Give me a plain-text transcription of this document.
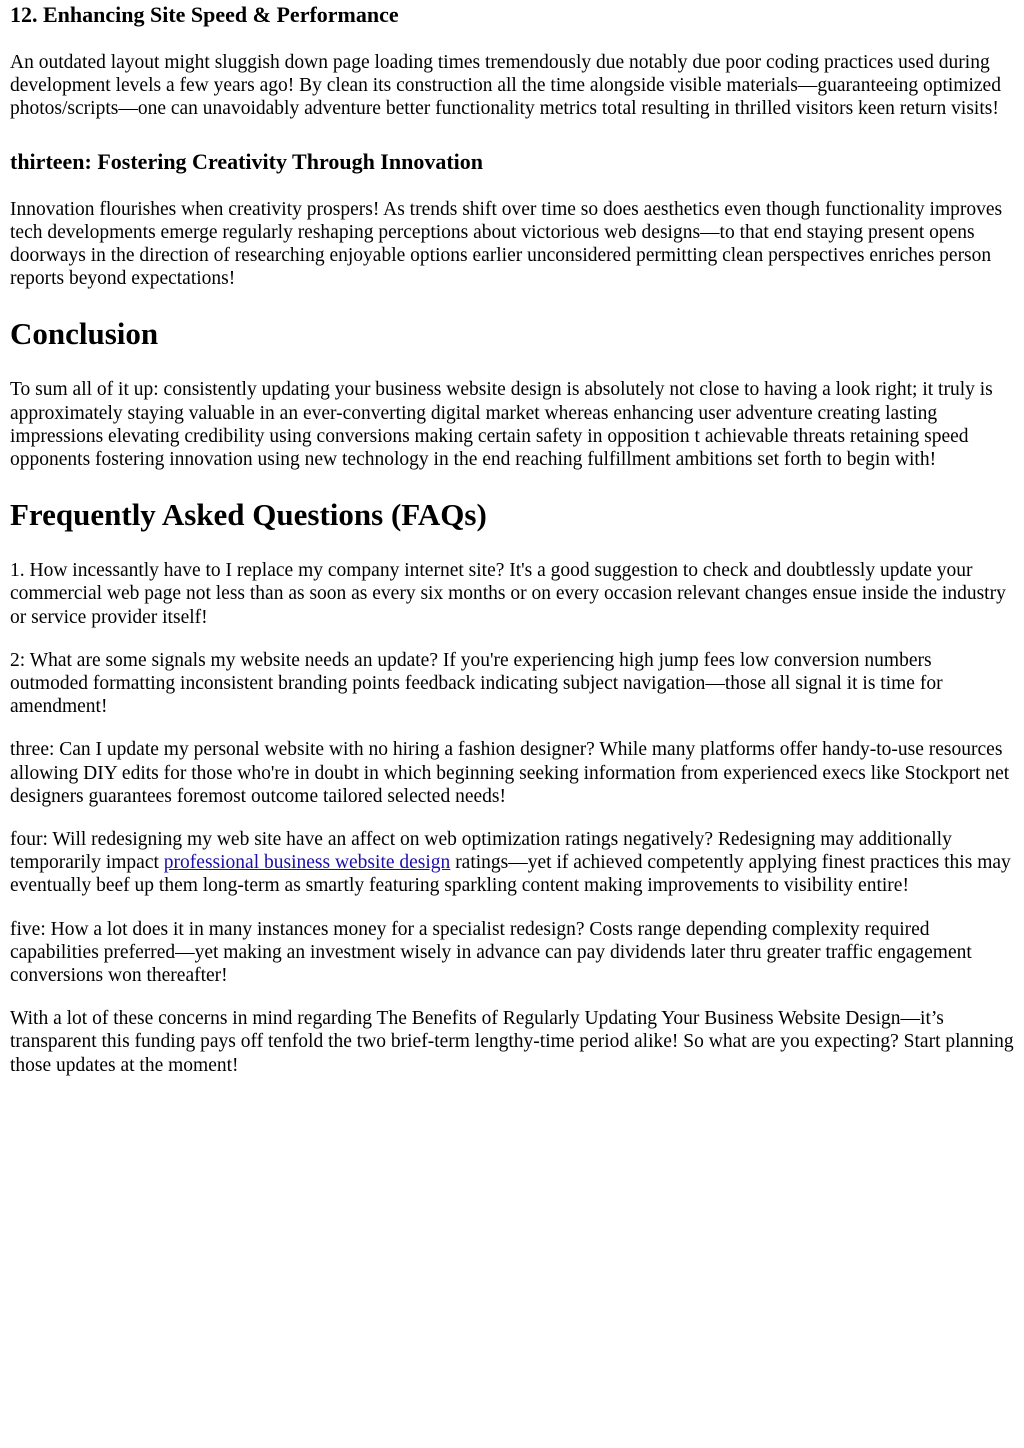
12. Enhancing Site Speed & Performance

An outdated layout might sluggish down page loading times tremendously due notably due poor coding practices used during development levels a few years ago! By clean its construction all the time alongside visible materials—guaranteeing optimized photos/scripts—one can unavoidably adventure better functionality metrics total resulting in thrilled visitors keen return visits!

thirteen: Fostering Creativity Through Innovation

Innovation flourishes when creativity prospers! As trends shift over time so does aesthetics even though functionality improves tech developments emerge regularly reshaping perceptions about victorious web designs—to that end staying present opens doorways in the direction of researching enjoyable options earlier unconsidered permitting clean perspectives enriches person reports beyond expectations!

Conclusion

To sum all of it up: consistently updating your business website design is absolutely not close to having a look right; it truly is approximately staying valuable in an ever-converting digital market whereas enhancing user adventure creating lasting impressions elevating credibility using conversions making certain safety in opposition t achievable threats retaining speed opponents fostering innovation using new technology in the end reaching fulfillment ambitions set forth to begin with!

Frequently Asked Questions (FAQs)

1. How incessantly have to I replace my company internet site? It's a good suggestion to check and doubtlessly update your commercial web page not less than as soon as every six months or on every occasion relevant changes ensue inside the industry or service provider itself!

2: What are some signals my website needs an update? If you're experiencing high jump fees low conversion numbers outmoded formatting inconsistent branding points feedback indicating subject navigation—those all signal it is time for amendment!

three: Can I update my personal website with no hiring a fashion designer? While many platforms offer handy-to-use resources allowing DIY edits for those who're in doubt in which beginning seeking information from experienced execs like Stockport net designers guarantees foremost outcome tailored selected needs!

four: Will redesigning my web site have an affect on web optimization ratings negatively? Redesigning may additionally temporarily impact professional business website design ratings—yet if achieved competently applying finest practices this may eventually beef up them long-term as smartly featuring sparkling content making improvements to visibility entire!

five: How a lot does it in many instances money for a specialist redesign? Costs range depending complexity required capabilities preferred—yet making an investment wisely in advance can pay dividends later thru greater traffic engagement conversions won thereafter!

With a lot of these concerns in mind regarding The Benefits of Regularly Updating Your Business Website Design—it’s transparent this funding pays off tenfold the two brief-term lengthy-time period alike! So what are you expecting? Start planning those updates at the moment!
